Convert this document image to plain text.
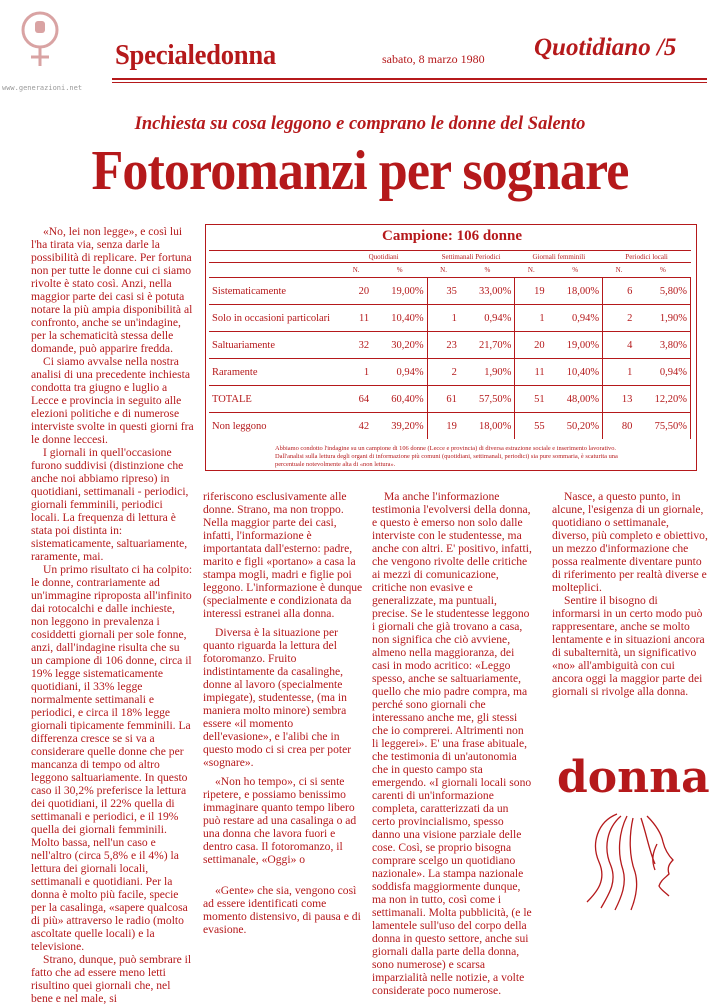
www.generazioni.net
Specialedonna	sabato, 8 marzo 1980 Quotidiano /5
Inchiesta su cosa leggono e comprano le donne del Salento
Fotoromanzi per sognare

«No, lei non legge», e così lui l'ha tirata via, senza darle la possibilità di replicare. Per fortuna non per tutte le donne cui ci siamo rivolte è stato così. Anzi, nella maggior parte dei casi si è potuta notare la più ampia disponibilità al confronto, anche se un'indagine, per la schematicità stessa delle domande, può apparire fredda.

Ci siamo avvalse nella nostra analisi di una precedente inchiesta condotta tra giugno e luglio a Lecce e provincia in seguito alle elezioni politiche e di numerose interviste svolte in questi giorni fra le donne leccesi.

I giornali in quell'occasione furono suddivisi (distinzione che anche noi abbiamo ripreso) in quotidiani, settimanali - periodici, giornali femminili, periodici locali. La frequenza di lettura è stata poi distinta in: sistematicamente, saltuariamente, raramente, mai.

Un primo risultato ci ha colpito: le donne, contrariamente ad un'immagine riproposta all'infinito dai rotocalchi e dalle inchieste, non leggono in prevalenza i cosiddetti giornali per sole fonne, anzi, dall'indagine risulta che su un campione di 106 donne, circa il 19% legge sistematicamente quotidiani, il 33% legge normalmente settimanali e periodici, e circa il 18% legge giornali tipicamente femminili. La differenza cresce se si va a considerare quelle donne che per mancanza di tempo od altro leggono saltuariamente. In questo caso il 30,2% preferisce la lettura dei quotidiani, il 22% quella di settimanali e periodici, e il 19% quella dei giornali femminili. Molto bassa, nell'un caso e nell'altro (circa 5,8% e il 4%) la lettura dei giornali locali, settimanali e quotidiani. Per la donna è molto più facile, specie per la casalinga, «sapere qualcosa di più» attraverso le radio (molto ascoltate quelle locali) e la televisione.

Strano, dunque, può sembrare il fatto che ad essere meno letti risultino quei giornali che, nel bene e nel male, si

Campione: 106 donne
	Quotidiani		Settimanali Periodici		Giornali femminili		Periodici locali	
	N.	%	N.	%	N.	%	N.	%
Sistematicamente	20	19,00%	35	33,00%	19	18,00%	6	5,80%
Solo in occasioni particolari	11	10,40%	1	0,94%	1	0,94%	2	1,90%
Saltuariamente	32	30,20%	23	21,70%	20	19,00%	4	3,80%
Raramente	1	0,94%	2	1,90%	11	10,40%	1	0,94%
TOTALE	64	60,40%	61	57,50%	51	48,00%	13	12,20%
Non leggono	42	39,20%	19	18,00%	55	50,20%	80	75,50%
Abbiamo condotto l'indagine su un campione di 106 donne (Lecce e provincia) di diversa estrazione sociale e inserimento lavorativo. Dall'analisi sulla lettura degli organi di informazione più comuni (quotidiani, settimanali, periodici) sia pure sommaria, è scaturita una percentuale notevolmente alta di «non lettura».

riferiscono esclusivamente alle donne. Strano, ma non troppo. Nella maggior parte dei casi, infatti, l'informazione è importantata dall'esterno: padre, marito e figli «portano» a casa la stampa mogli, madri e figlie poi leggono. L'informazione è dunque (specialmente e condizionata da interessi estranei alla donna.

Diversa è la situazione per quanto riguarda la lettura del fotoromanzo. Fruito indistintamente da casalinghe, donne al lavoro (specialmente impiegate), studentesse, (ma in maniera molto minore) sembra essere «il momento dell'evasione», e l'alibi che in questo modo ci si crea per poter «sognare».

«Non ho tempo», ci si sente ripetere, e possiamo benissimo immaginare quanto tempo libero può restare ad una casalinga o ad una donna che lavora fuori e dentro casa. Il fotoromanzo, il settimanale, «Oggi» o

«Gente» che sia, vengono così ad essere identificati come momento distensivo, di pausa e di evasione.

Ma anche l'informazione testimonia l'evolversi della donna, e questo è emerso non solo dalle interviste con le studentesse, ma anche con altri. E' positivo, infatti, che vengono rivolte delle critiche ai mezzi di comunicazione, critiche non evasive e generalizzate, ma puntuali, precise. Se le studentesse leggono i giornali che già trovano a casa, non significa che ciò avviene, almeno nella maggioranza, dei casi in modo acritico: «Leggo spesso, anche se saltuariamente, quello che mio padre compra, ma perché sono giornali che interessano anche me, gli stessi che io comprerei. Altrimenti non li leggerei». E' una frase abituale, che testimonia di un'autonomia che in questo campo sta emergendo. «I giornali locali sono carenti di un'informazione completa, caratterizzati da un certo provincialismo, spesso danno una visione parziale delle cose. Così, se proprio bisogna comprare scelgo un quotidiano nazionale». La stampa nazionale soddisfa maggiormente dunque, ma non in tutto, così come i settimanali. Molta pubblicità, (e le lamentele sull'uso del corpo della donna in questo settore, anche sui giornali dalla parte della donna, sono numerose) e scarsa imparzialità nelle notizie, a volte considerate poco numerose.

Nasce, a questo punto, in alcune, l'esigenza di un giornale, quotidiano o settimanale, diverso, più completo e obiettivo, un mezzo d'informazione che possa realmente diventare punto di riferimento per realtà diverse e molteplici.

Sentire il bisogno di informarsi in un certo modo può rappresentare, anche se molto lentamente e in situazioni ancora di subalternità, un significativo «no» all'ambiguità con cui ancora oggi la maggior parte dei giornali si rivolge alla donna.

donna
